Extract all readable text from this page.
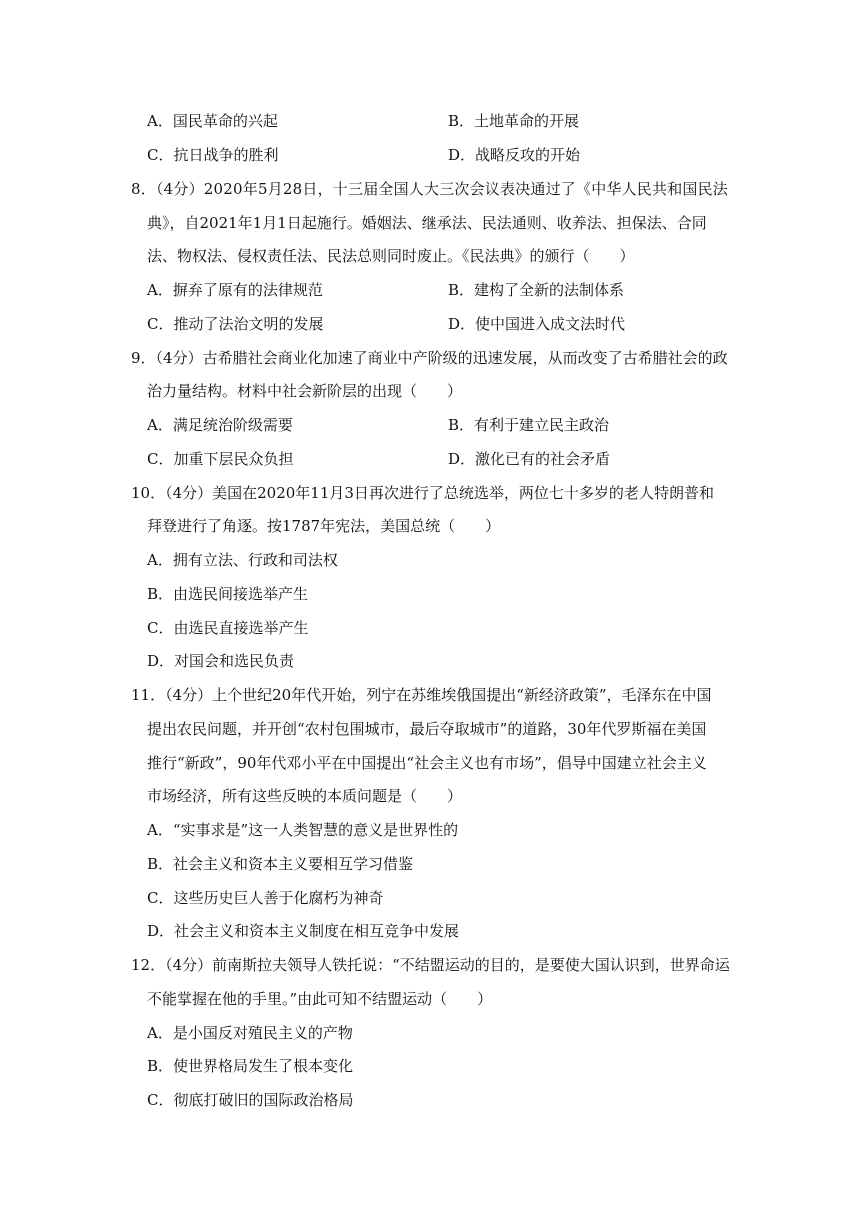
A．国民革命的兴起	B．土地革命的开展
C．抗日战争的胜利	D．战略反攻的开始
8．（4分）2020年5月28日，十三届全国人大三次会议表决通过了《中华人民共和国民法
典》，自2021年1月1日起施行。婚姻法、继承法、民法通则、收养法、担保法、合同
法、物权法、侵权责任法、民法总则同时废止。《民法典》的颁行（　　）
A．摒弃了原有的法律规范	B．建构了全新的法制体系
C．推动了法治文明的发展	D．使中国进入成文法时代
9．（4分）古希腊社会商业化加速了商业中产阶级的迅速发展，从而改变了古希腊社会的政
治力量结构。材料中社会新阶层的出现（　　）
A．满足统治阶级需要	B．有利于建立民主政治
C．加重下层民众负担	D．激化已有的社会矛盾
10．（4分）美国在2020年11月3日再次进行了总统选举，两位七十多岁的老人特朗普和
拜登进行了角逐。按1787年宪法，美国总统（　　）
A．拥有立法、行政和司法权
B．由选民间接选举产生
C．由选民直接选举产生
D．对国会和选民负责
11．（4分）上个世纪20年代开始，列宁在苏维埃俄国提出“新经济政策”，毛泽东在中国
提出农民问题，并开创“农村包围城市，最后夺取城市”的道路，30年代罗斯福在美国
推行“新政”，90年代邓小平在中国提出“社会主义也有市场”，倡导中国建立社会主义
市场经济，所有这些反映的本质问题是（　　）
A．“实事求是”这一人类智慧的意义是世界性的
B．社会主义和资本主义要相互学习借鉴
C．这些历史巨人善于化腐朽为神奇
D．社会主义和资本主义制度在相互竞争中发展
12．（4分）前南斯拉夫领导人铁托说：“不结盟运动的目的，是要使大国认识到，世界命运
不能掌握在他的手里。”由此可知不结盟运动（　　）
A．是小国反对殖民主义的产物
B．使世界格局发生了根本变化
C．彻底打破旧的国际政治格局
